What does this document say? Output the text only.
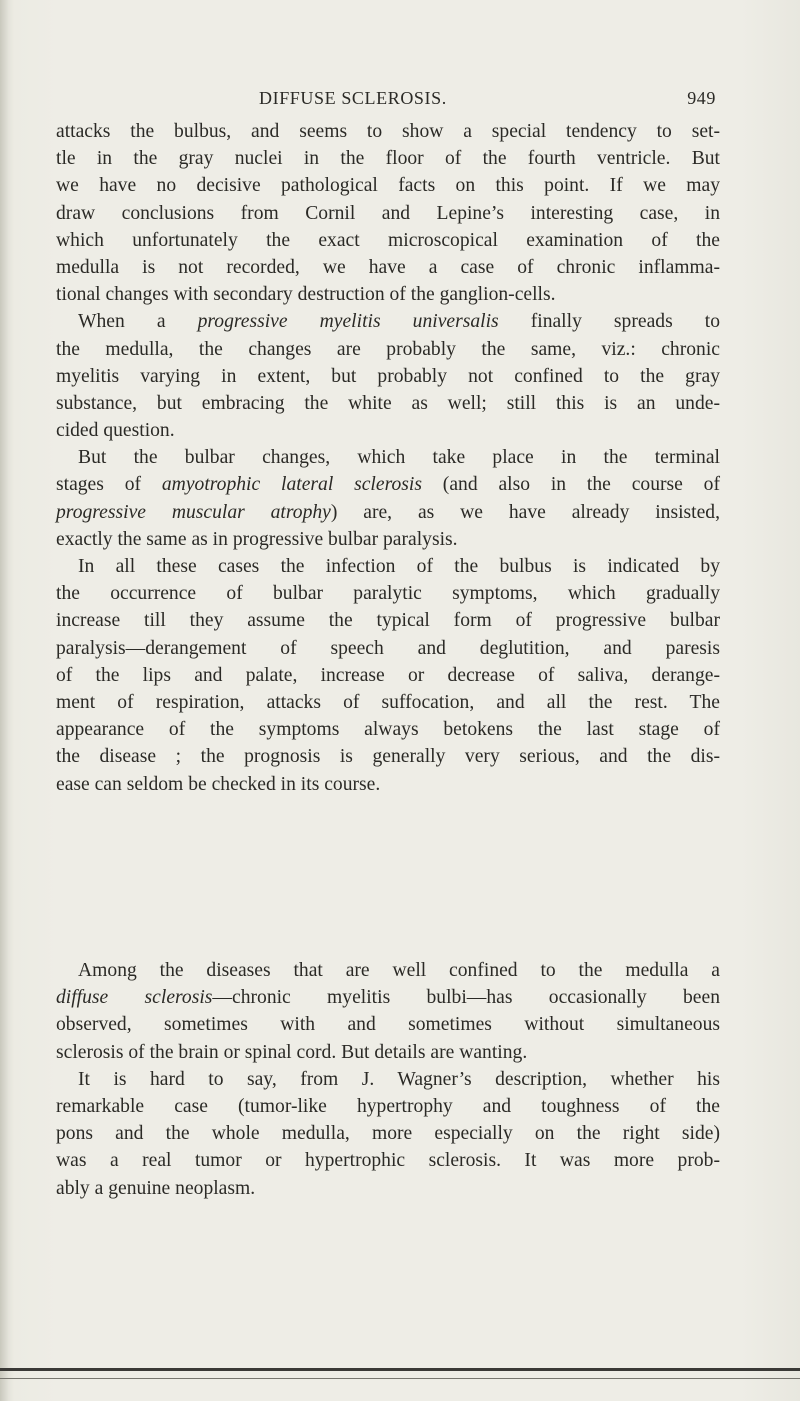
DIFFUSE SCLEROSIS.	949
attacks the bulbus, and seems to show a special tendency to set-
tle in the gray nuclei in the floor of the fourth ventricle. But
we have no decisive pathological facts on this point. If we may
draw conclusions from Cornil and Lepine’s interesting case, in
which unfortunately the exact microscopical examination of the
medulla is not recorded, we have a case of chronic inflamma-
tional changes with secondary destruction of the ganglion-cells.
When a progressive myelitis universalis finally spreads to
the medulla, the changes are probably the same, viz.: chronic
myelitis varying in extent, but probably not confined to the gray
substance, but embracing the white as well; still this is an unde-
cided question.
But the bulbar changes, which take place in the terminal
stages of amyotrophic lateral sclerosis (and also in the course of
progressive muscular atrophy) are, as we have already insisted,
exactly the same as in progressive bulbar paralysis.
In all these cases the infection of the bulbus is indicated by
the occurrence of bulbar paralytic symptoms, which gradually
increase till they assume the typical form of progressive bulbar
paralysis—derangement of speech and deglutition, and paresis
of the lips and palate, increase or decrease of saliva, derange-
ment of respiration, attacks of suffocation, and all the rest. The
appearance of the symptoms always betokens the last stage of
the disease ; the prognosis is generally very serious, and the dis-
ease can seldom be checked in its course.
Among the diseases that are well confined to the medulla a
diffuse sclerosis—chronic myelitis bulbi—has occasionally been
observed, sometimes with and sometimes without simultaneous
sclerosis of the brain or spinal cord. But details are wanting.
It is hard to say, from J. Wagner’s description, whether his
remarkable case (tumor-like hypertrophy and toughness of the
pons and the whole medulla, more especially on the right side)
was a real tumor or hypertrophic sclerosis. It was more prob-
ably a genuine neoplasm.
